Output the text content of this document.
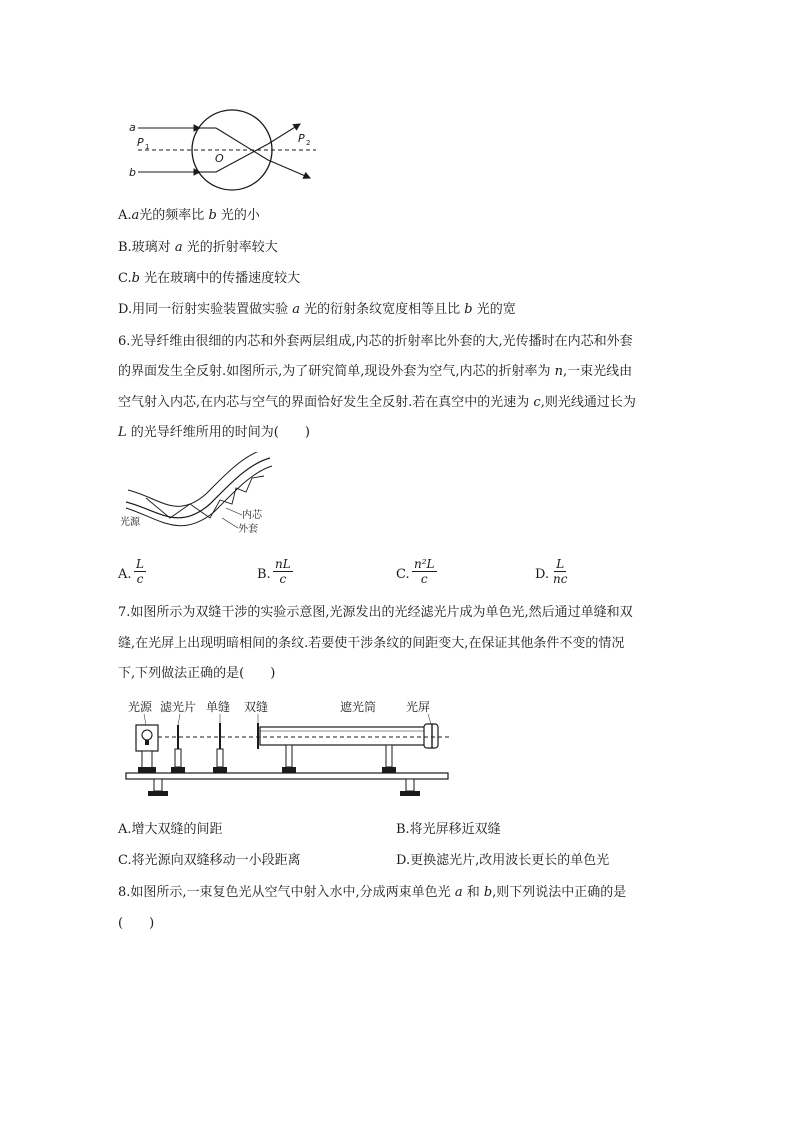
a
b
P 1
P 2
O
A.a光的频率比 b 光的小
B.玻璃对 a 光的折射率较大
C.b 光在玻璃中的传播速度较大
D.用同一衍射实验装置做实验 a 光的衍射条纹宽度相等且比 b 光的宽
6.光导纤维由很细的内芯和外套两层组成,内芯的折射率比外套的大,光传播时在内芯和外套
的界面发生全反射.如图所示,为了研究简单,现设外套为空气,内芯的折射率为 n,一束光线由
空气射入内芯,在内芯与空气的界面恰好发生全反射.若在真空中的光速为 c,则光线通过长为
L 的光导纤维所用的时间为(　　)
光源
内芯
外套
A. $\frac{L}{c}$	B. $\frac{nL}{c}$	C. $\frac{\text{n²L}}{c}$	D. $\frac{L}{nc}$
7.如图所示为双缝干涉的实验示意图,光源发出的光经滤光片成为单色光,然后通过单缝和双
缝,在光屏上出现明暗相间的条纹.若要使干涉条纹的间距变大,在保证其他条件不变的情况
下,下列做法正确的是(　　)
光源 滤光片 单缝 双缝	遮光筒 光屏
A.增大双缝的间距	B.将光屏移近双缝
C.将光源向双缝移动一小段距离	D.更换滤光片,改用波长更长的单色光
8.如图所示,一束复色光从空气中射入水中,分成两束单色光 a 和 b,则下列说法中正确的是
(　　)
